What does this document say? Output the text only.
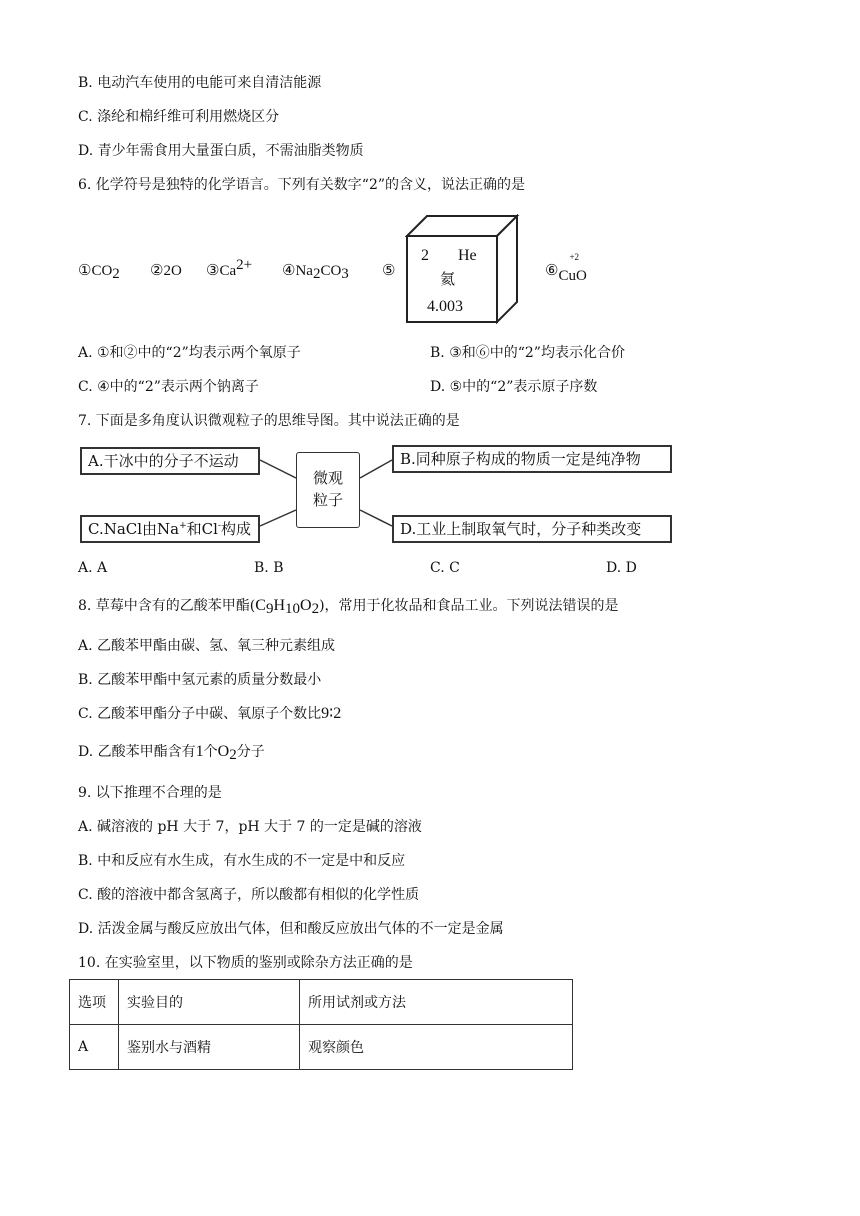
B. 电动汽车使用的电能可来自清洁能源
C. 涤纶和棉纤维可利用燃烧区分
D. 青少年需食用大量蛋白质，不需油脂类物质
6. 化学符号是独特的化学语言。下列有关数字“2”的含义，说法正确的是
$①CO_2$ ②2O $③Ca^{2+}$ $④Na_2CO_3$ ⑤
2 He
氦
4.003
⑥
+2
CuO
A. ①和②中的“2”均表示两个氧原子	B. ③和⑥中的“2”均表示化合价
C. ④中的“2”表示两个钠离子	D. ⑤中的“2”表示原子序数
7. 下面是多角度认识微观粒子的思维导图。其中说法正确的是
A.干冰中的分子不运动	B.同种原子构成的物质一定是纯净物
C.NaCl由Na+和Cl-构成	D.工业上制取氧气时，分子种类改变
微观
粒子
A. A	B. B	C. C	D. D
8. 草莓中含有的乙酸苯甲酯$(C_9H_{10}O_2)$，常用于化妆品和食品工业。下列说法错误的是
A. 乙酸苯甲酯由碳、氢、氧三种元素组成
B. 乙酸苯甲酯中氢元素的质量分数最小
C. 乙酸苯甲酯分子中碳、氧原子个数比9∶2
D. 乙酸苯甲酯含有1个$O_2$分子
9. 以下推理不合理的是
A. 碱溶液的 pH 大于 7，pH 大于 7 的一定是碱的溶液
B. 中和反应有水生成，有水生成的不一定是中和反应
C. 酸的溶液中都含氢离子，所以酸都有相似的化学性质
D. 活泼金属与酸反应放出气体，但和酸反应放出气体的不一定是金属
10. 在实验室里，以下物质的鉴别或除杂方法正确的是
选项	实验目的	所用试剂或方法
A	鉴别水与酒精	观察颜色
